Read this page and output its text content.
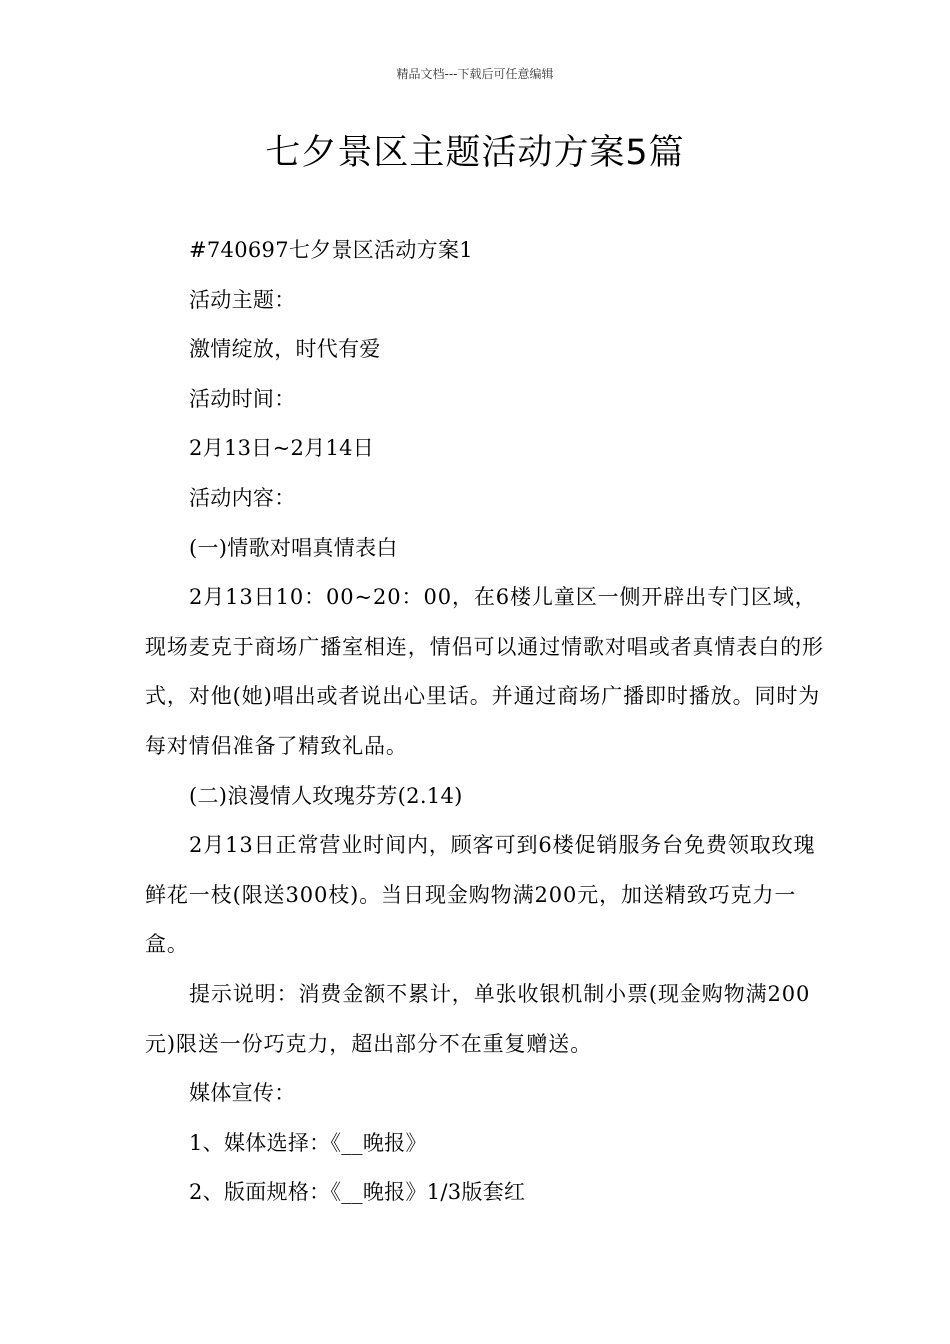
精品文档---下载后可任意编辑
七夕景区主题活动方案5篇

#740697七夕景区活动方案1

活动主题：

激情绽放，时代有爱

活动时间：

2月13日~2月14日

活动内容：

(一)情歌对唱真情表白

2月13日10：00~20：00，在6楼儿童区一侧开辟出专门区域，现场麦克于商场广播室相连，情侣可以通过情歌对唱或者真情表白的形式，对他(她)唱出或者说出心里话。并通过商场广播即时播放。同时为每对情侣准备了精致礼品。

(二)浪漫情人玫瑰芬芳(2.14)

2月13日正常营业时间内，顾客可到6楼促销服务台免费领取玫瑰鲜花一枝(限送300枝)。当日现金购物满200元，加送精致巧克力一盒。

提示说明：消费金额不累计，单张收银机制小票(现金购物满200元)限送一份巧克力，超出部分不在重复赠送。

媒体宣传：

1、媒体选择：《__晚报》

2、版面规格：《__晚报》1/3版套红
